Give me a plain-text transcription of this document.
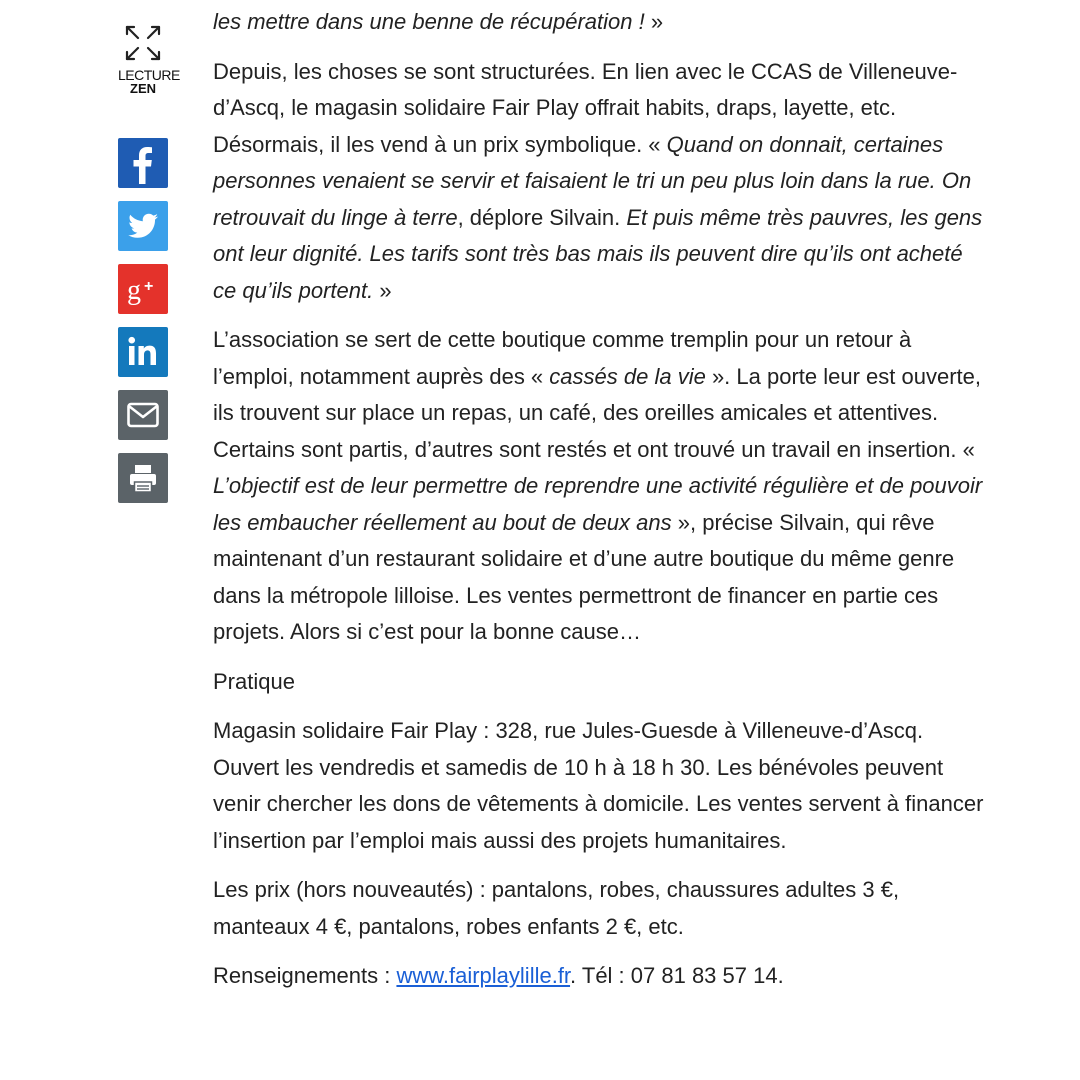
LECTURE
ZEN
g +

les mettre dans une benne de récupération ! »

Depuis, les choses se sont structurées. En lien avec le CCAS de Villeneuve-d’Ascq, le magasin solidaire Fair Play offrait habits, draps, layette, etc. Désormais, il les vend à un prix symbolique. « Quand on donnait, certaines personnes venaient se servir et faisaient le tri un peu plus loin dans la rue. On retrouvait du linge à terre, déplore Silvain. Et puis même très pauvres, les gens ont leur dignité. Les tarifs sont très bas mais ils peuvent dire qu’ils ont acheté ce qu’ils portent. »

L’association se sert de cette boutique comme tremplin pour un retour à l’emploi, notamment auprès des « cassés de la vie ». La porte leur est ouverte, ils trouvent sur place un repas, un café, des oreilles amicales et attentives. Certains sont partis, d’autres sont restés et ont trouvé un travail en insertion. « L’objectif est de leur permettre de reprendre une activité régulière et de pouvoir les embaucher réellement au bout de deux ans », précise Silvain, qui rêve maintenant d’un restaurant solidaire et d’une autre boutique du même genre dans la métropole lilloise. Les ventes permettront de financer en partie ces projets. Alors si c’est pour la bonne cause…

Pratique

Magasin solidaire Fair Play : 328, rue Jules-Guesde à Villeneuve-d’Ascq. Ouvert les vendredis et samedis de 10 h à 18 h 30. Les bénévoles peuvent venir chercher les dons de vêtements à domicile. Les ventes servent à financer l’insertion par l’emploi mais aussi des projets humanitaires.

Les prix (hors nouveautés) : pantalons, robes, chaussures adultes 3 €, manteaux 4 €, pantalons, robes enfants 2 €, etc.

Renseignements : www.fairplaylille.fr. Tél : 07 81 83 57 14.
